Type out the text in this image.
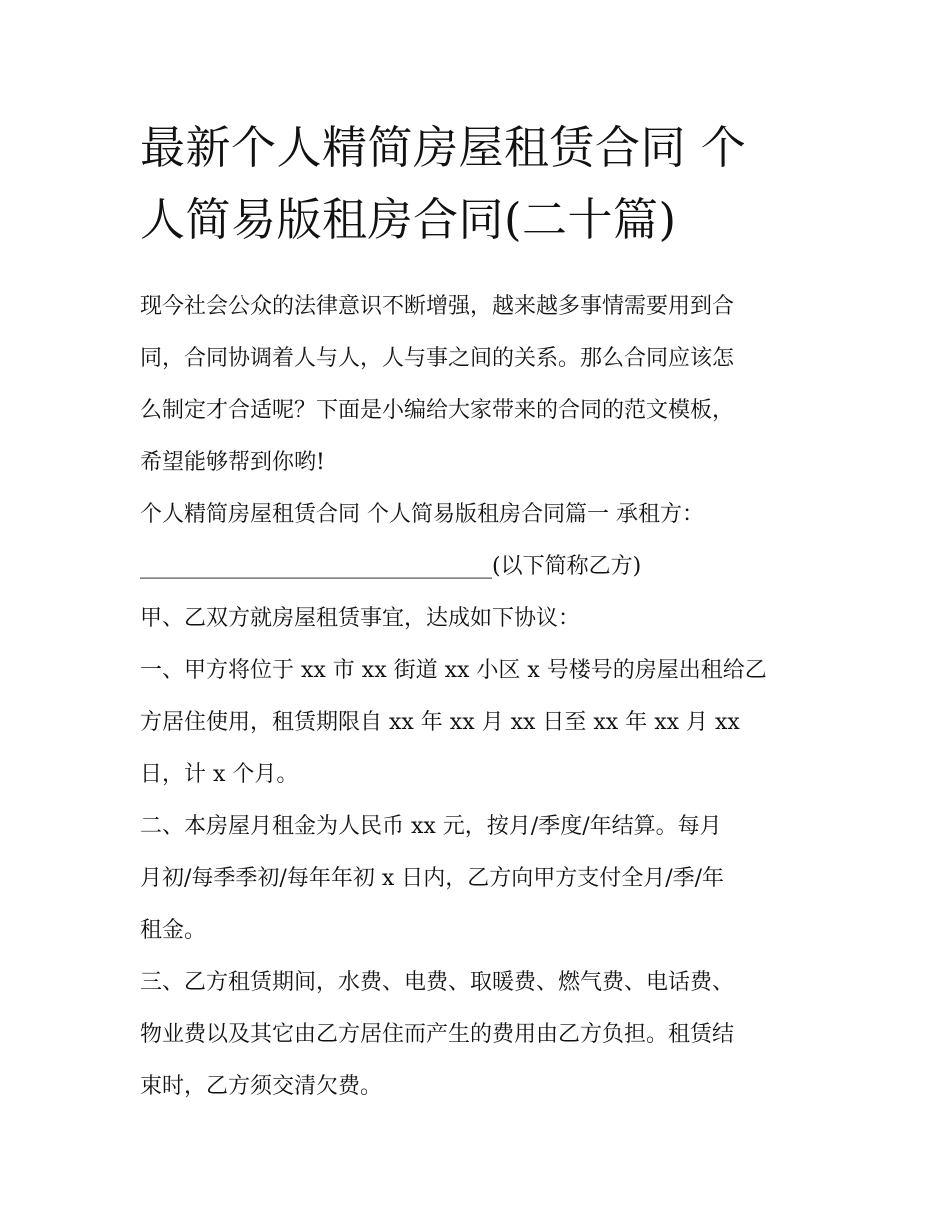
最新个人精简房屋租赁合同 个
人简易版租房合同(二十篇)

现今社会公众的法律意识不断增强，越来越多事情需要用到合
同，合同协调着人与人，人与事之间的关系。那么合同应该怎
么制定才合适呢？下面是小编给大家带来的合同的范文模板，
希望能够帮到你哟!

个人精简房屋租赁合同 个人简易版租房合同篇一 承租方：
________________________________(以下简称乙方)

甲、乙双方就房屋租赁事宜，达成如下协议：

一、甲方将位于 xx 市 xx 街道 xx 小区 x 号楼号的房屋出租给乙
方居住使用，租赁期限自 xx 年 xx 月 xx 日至 xx 年 xx 月 xx
日，计 x 个月。

二、本房屋月租金为人民币 xx 元，按月/季度/年结算。每月
月初/每季季初/每年年初 x 日内，乙方向甲方支付全月/季/年
租金。

三、乙方租赁期间，水费、电费、取暖费、燃气费、电话费、
物业费以及其它由乙方居住而产生的费用由乙方负担。租赁结
束时，乙方须交清欠费。
